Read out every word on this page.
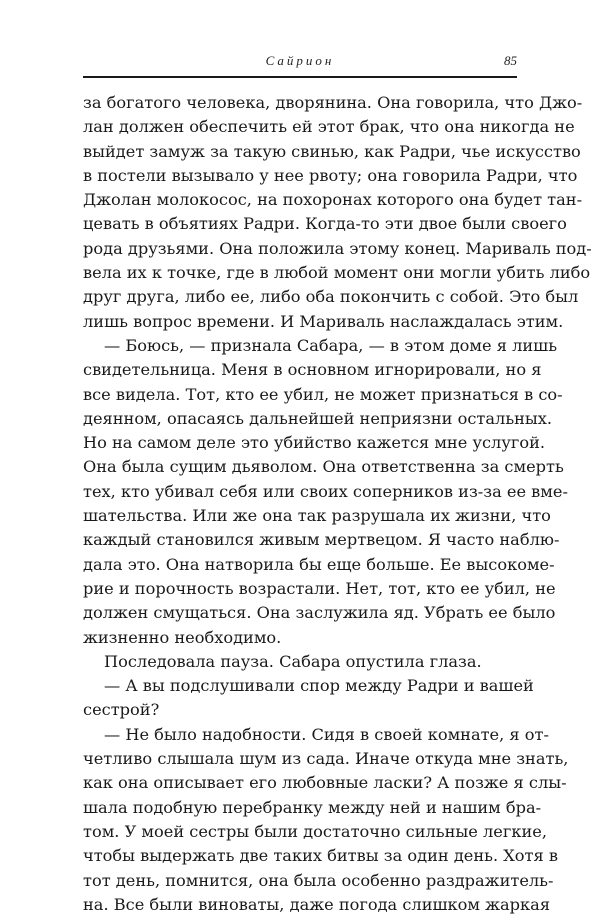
Сайрион	85
за богатого человека, дворянина. Она говорила, что Джо-
лан должен обеспечить ей этот брак, что она никогда не
выйдет замуж за такую свинью, как Радри, чье искусство
в постели вызывало у нее рвоту; она говорила Радри, что
Джолан молокосос, на похоронах которого она будет тан-
цевать в объятиях Радри. Когда-то эти двое были своего
рода друзьями. Она положила этому конец. Маривaль под-
вела их к точке, где в любой момент они могли убить либо
друг друга, либо ее, либо оба покончить с собой. Это был
лишь вопрос времени. И Маривaль наслаждалась этим.
— Боюсь, — признала Сабара, — в этом доме я лишь
свидетельница. Меня в основном игнорировали, но я
все видела. Тот, кто ее убил, не может признаться в со-
деянном, опасаясь дальнейшей неприязни остальных.
Но на самом деле это убийство кажется мне услугой.
Она была сущим дьяволом. Она ответственна за смерть
тех, кто убивал себя или своих соперников из-за ее вме-
шательства. Или же она так разрушала их жизни, что
каждый становился живым мертвецом. Я часто наблю-
дала это. Она натворила бы еще больше. Ее высокоме-
рие и порочность возрастали. Нет, тот, кто ее убил, не
должен смущаться. Она заслужила яд. Убрать ее было
жизненно необходимо.
Последовала пауза. Сабара опустила глаза.
— А вы подслушивали спор между Радри и вашей
сестрой?
— Не было надобности. Сидя в своей комнате, я от-
четливо слышала шум из сада. Иначе откуда мне знать,
как она описывает его любовные ласки? А позже я слы-
шала подобную перебранку между ней и нашим бра-
том. У моей сестры были достаточно сильные легкие,
чтобы выдержать две таких битвы за один день. Хотя в
тот день, помнится, она была особенно раздражитель-
на. Все были виноваты, даже погода слишком жаркая
